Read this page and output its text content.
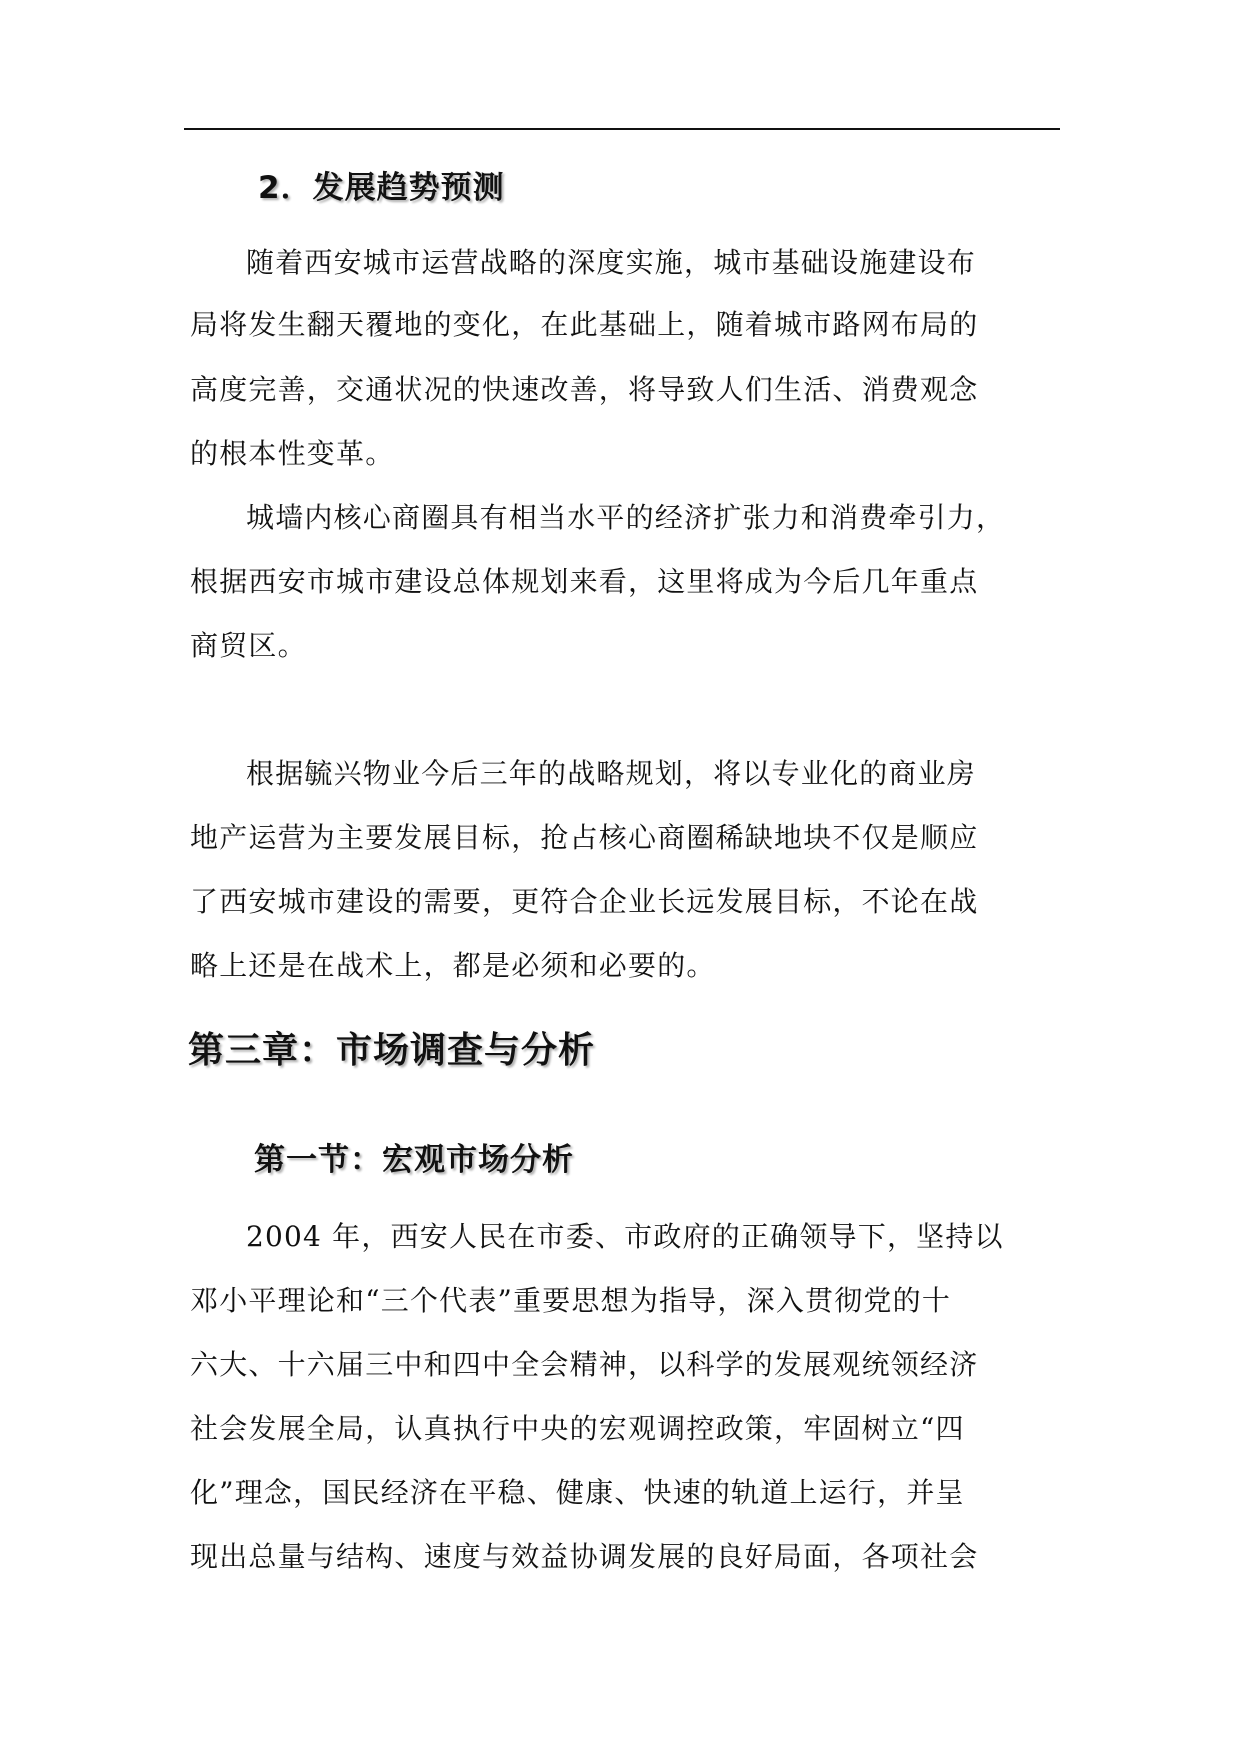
2．发展趋势预测

随着西安城市运营战略的深度实施，城市基础设施建设布

局将发生翻天覆地的变化，在此基础上，随着城市路网布局的

高度完善，交通状况的快速改善，将导致人们生活、消费观念

的根本性变革。

城墙内核心商圈具有相当水平的经济扩张力和消费牵引力，

根据西安市城市建设总体规划来看，这里将成为今后几年重点

商贸区。

根据毓兴物业今后三年的战略规划，将以专业化的商业房

地产运营为主要发展目标，抢占核心商圈稀缺地块不仅是顺应

了西安城市建设的需要，更符合企业长远发展目标，不论在战

略上还是在战术上，都是必须和必要的。

第三章：市场调查与分析
第一节：宏观市场分析

2004 年，西安人民在市委、市政府的正确领导下，坚持以

邓小平理论和“三个代表”重要思想为指导，深入贯彻党的十

六大、十六届三中和四中全会精神，以科学的发展观统领经济

社会发展全局，认真执行中央的宏观调控政策，牢固树立“四

化”理念，国民经济在平稳、健康、快速的轨道上运行，并呈

现出总量与结构、速度与效益协调发展的良好局面，各项社会
